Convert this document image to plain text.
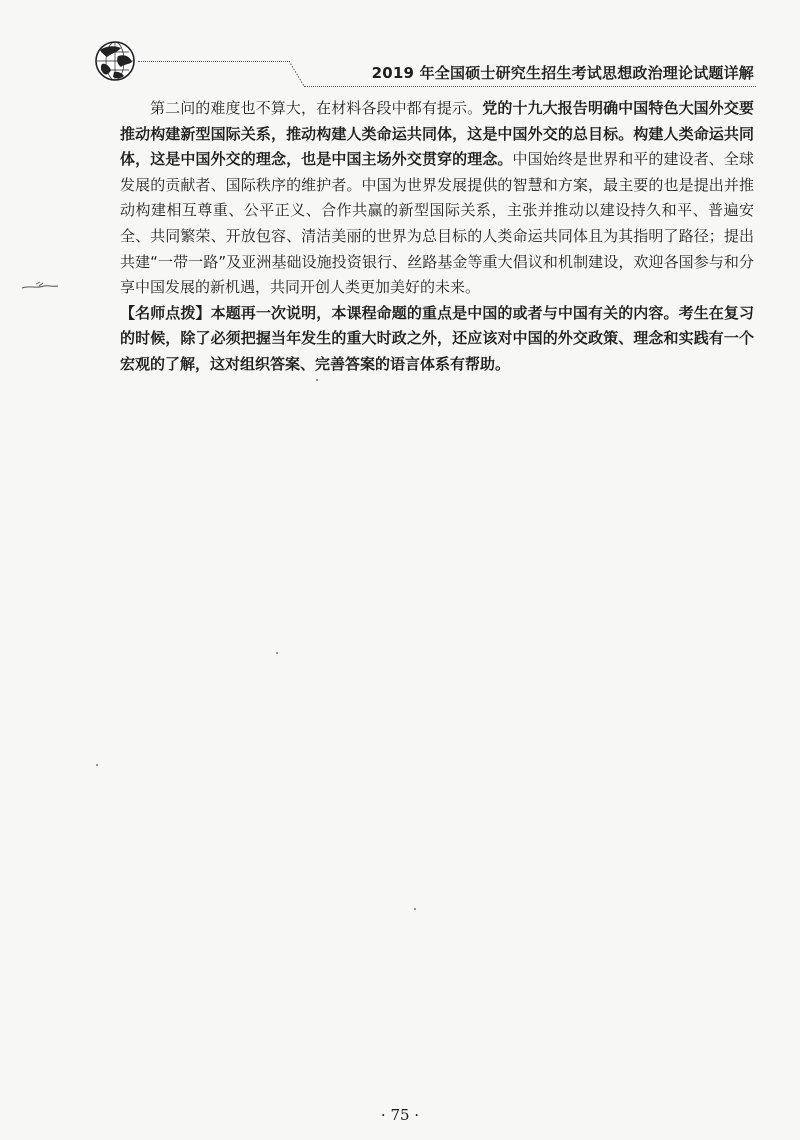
2019 年全国硕士研究生招生考试思想政治理论试题详解

第二问的难度也不算大，在材料各段中都有提示。党的十九大报告明确中国特色大国外交要推动构建新型国际关系，推动构建人类命运共同体，这是中国外交的总目标。构建人类命运共同体，这是中国外交的理念，也是中国主场外交贯穿的理念。中国始终是世界和平的建设者、全球发展的贡献者、国际秩序的维护者。中国为世界发展提供的智慧和方案，最主要的也是提出并推动构建相互尊重、公平正义、合作共赢的新型国际关系，主张并推动以建设持久和平、普遍安全、共同繁荣、开放包容、清洁美丽的世界为总目标的人类命运共同体且为其指明了路径；提出共建“一带一路”及亚洲基础设施投资银行、丝路基金等重大倡议和机制建设，欢迎各国参与和分享中国发展的新机遇，共同开创人类更加美好的未来。

【名师点拨】本题再一次说明，本课程命题的重点是中国的或者与中国有关的内容。考生在复习的时候，除了必须把握当年发生的重大时政之外，还应该对中国的外交政策、理念和实践有一个宏观的了解，这对组织答案、完善答案的语言体系有帮助。

· 75 ·
